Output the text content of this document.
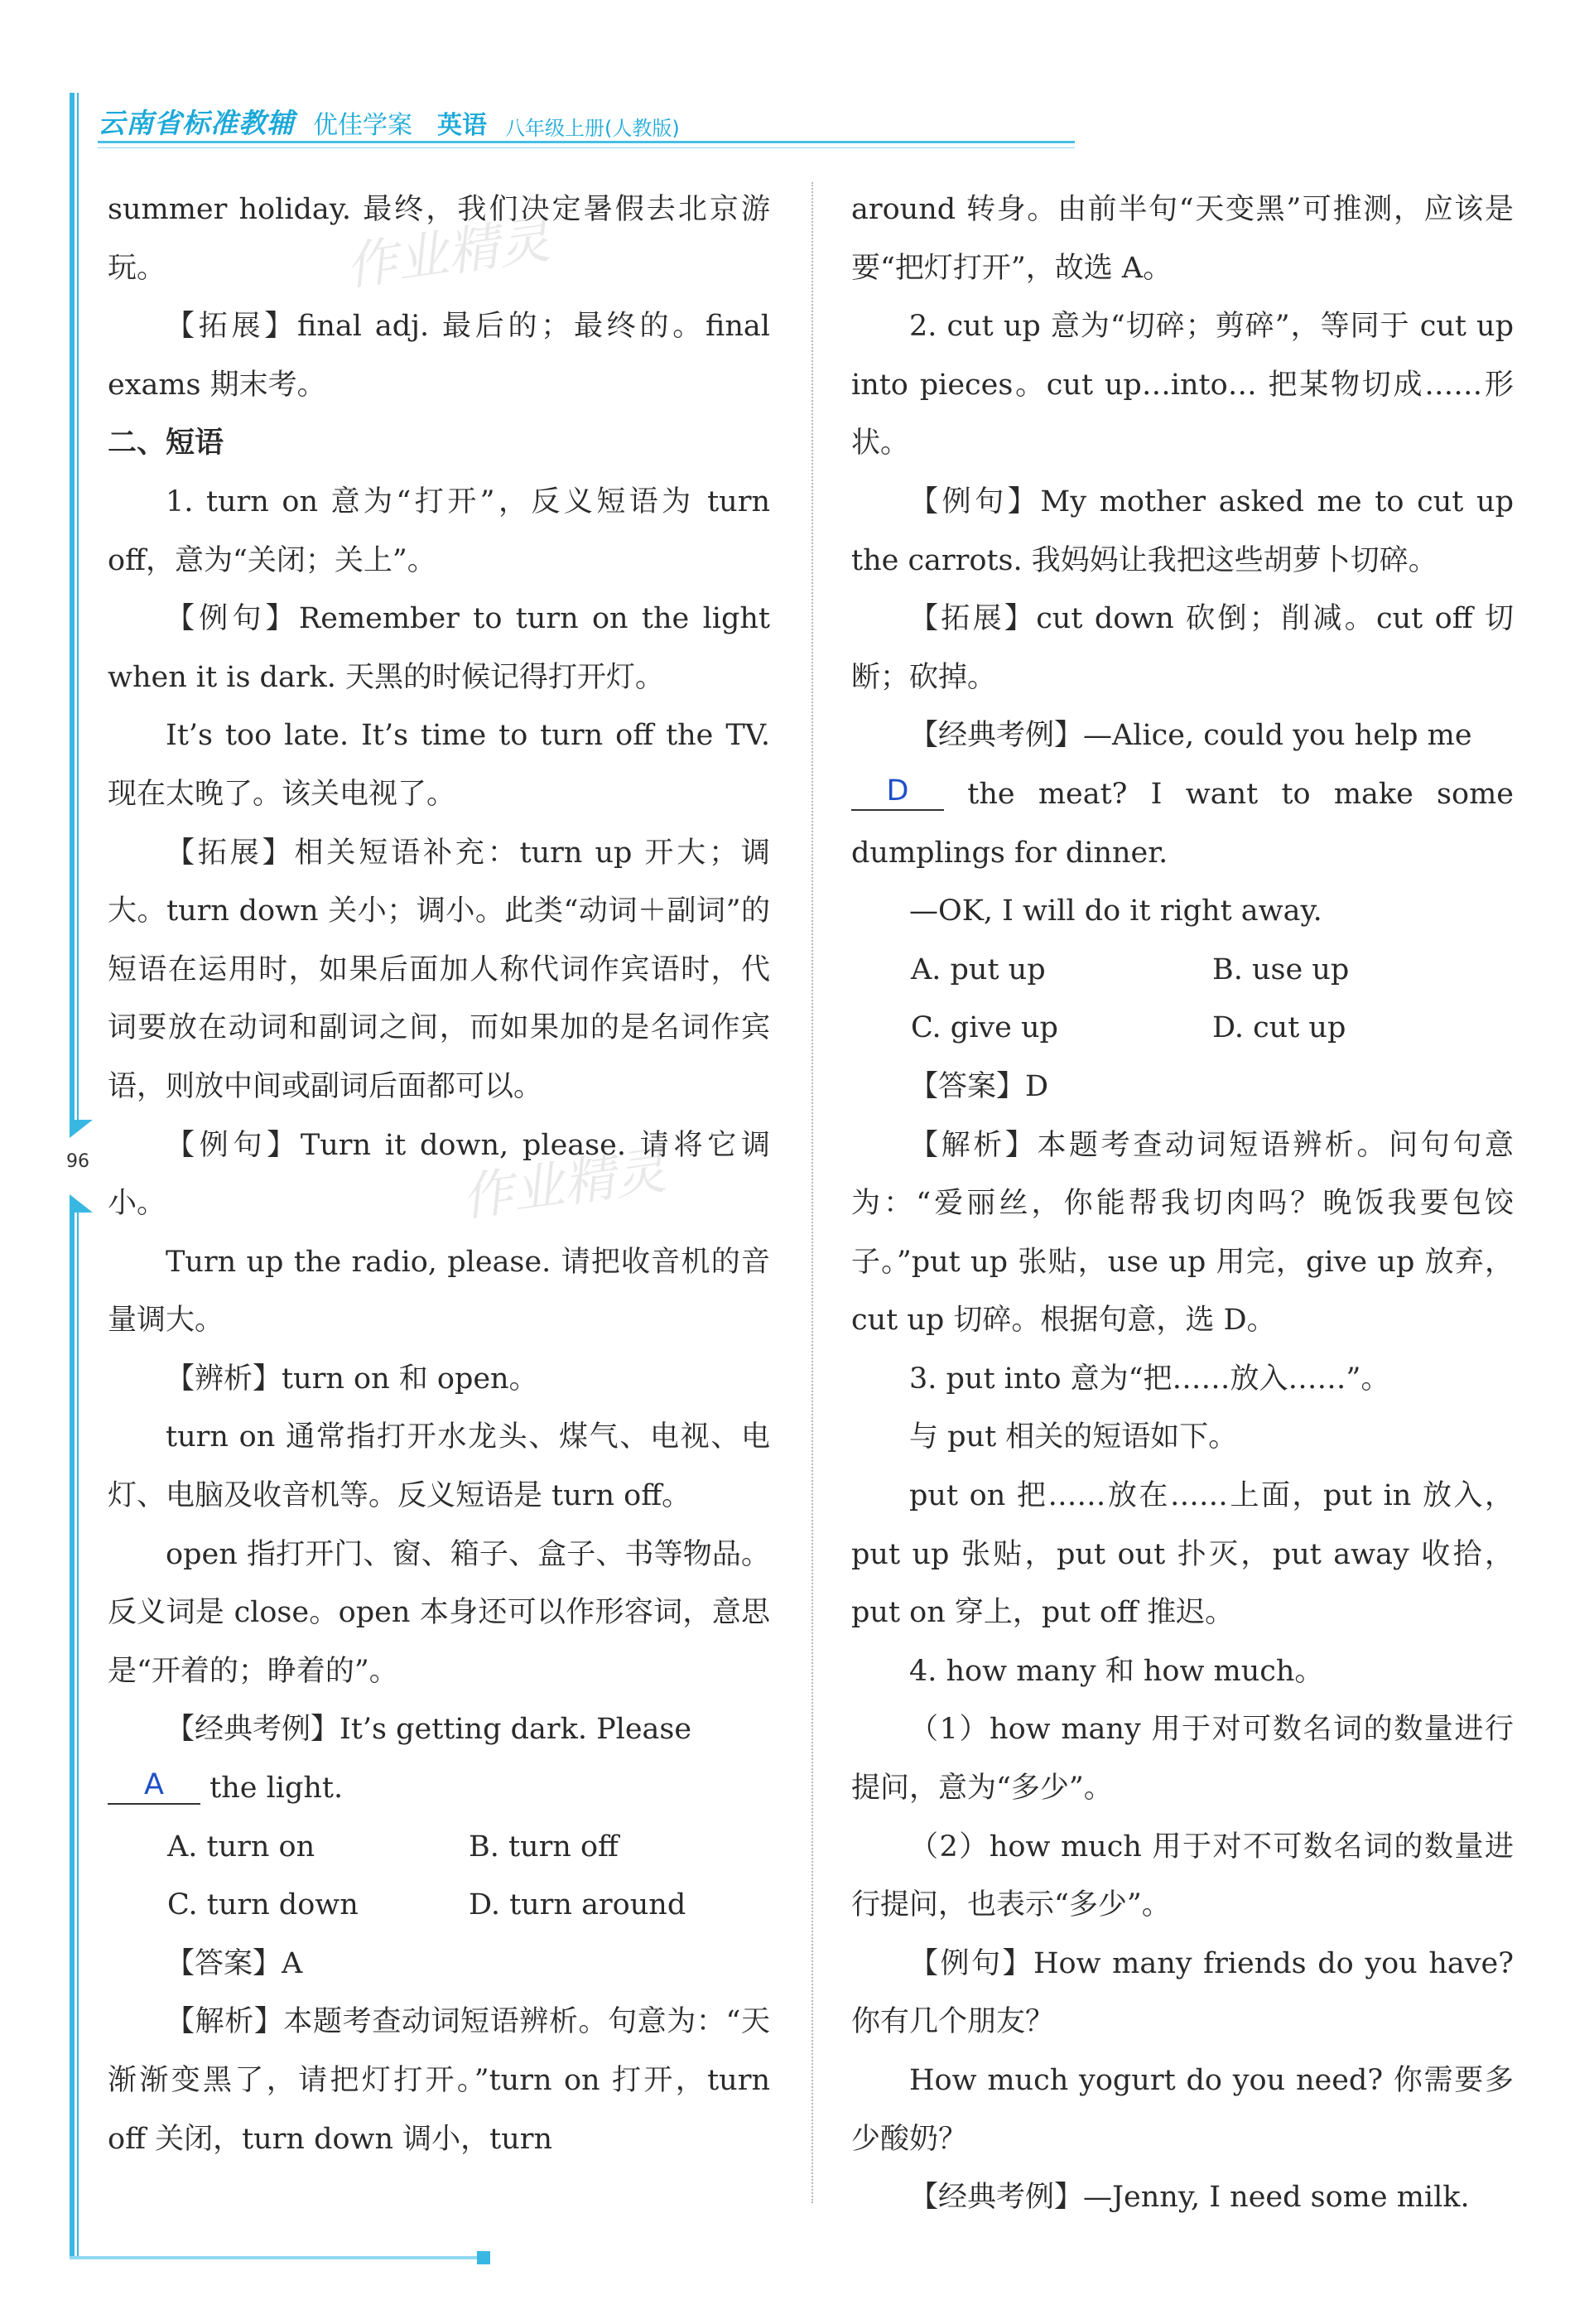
云南省标准教辅 优佳学案 英语 八年级上册(人教版)
96
作业精灵
作业精灵

summer holiday. 最终，我们决定暑假去北京游玩。

【拓展】final adj. 最后的；最终的。final exams 期末考。

二、短语

1. turn on 意为“打开”，反义短语为 turn off，意为“关闭；关上”。

【例句】Remember to turn on the light when it is dark. 天黑的时候记得打开灯。

It’s too late. It’s time to turn off the TV. 现在太晚了。该关电视了。

【拓展】相关短语补充：turn up 开大；调大。turn down 关小；调小。此类“动词＋副词”的短语在运用时，如果后面加人称代词作宾语时，代词要放在动词和副词之间，而如果加的是名词作宾语，则放中间或副词后面都可以。

【例句】Turn it down, please. 请将它调小。

Turn up the radio, please. 请把收音机的音量调大。

【辨析】turn on 和 open。

turn on 通常指打开水龙头、煤气、电视、电灯、电脑及收音机等。反义短语是 turn off。

open 指打开门、窗、箱子、盒子、书等物品。反义词是 close。open 本身还可以作形容词，意思是“开着的；睁着的”。

【经典考例】It’s getting dark. Please

A the light.

A. turn on	B. turn off

C. turn down	D. turn around

【答案】A

【解析】本题考查动词短语辨析。句意为：“天渐渐变黑了，请把灯打开。”turn on 打开，turn off 关闭，turn down 调小，turn

around 转身。由前半句“天变黑”可推测，应该是要“把灯打开”，故选 A。

2. cut up 意为“切碎；剪碎”，等同于 cut up into pieces。cut up…into… 把某物切成……形状。

【例句】My mother asked me to cut up the carrots. 我妈妈让我把这些胡萝卜切碎。

【拓展】cut down 砍倒；削减。cut off 切断；砍掉。

【经典考例】—Alice, could you help me

D the meat? I want to make some dumplings for dinner.

—OK, I will do it right away.

A. put up	B. use up

C. give up	D. cut up

【答案】D

【解析】本题考查动词短语辨析。问句句意为：“爱丽丝，你能帮我切肉吗？晚饭我要包饺子。”put up 张贴，use up 用完，give up 放弃，cut up 切碎。根据句意，选 D。

3. put into 意为“把……放入……”。

与 put 相关的短语如下。

put on 把……放在……上面，put in 放入，put up 张贴，put out 扑灭，put away 收拾，put on 穿上，put off 推迟。

4. how many 和 how much。

（1）how many 用于对可数名词的数量进行提问，意为“多少”。

（2）how much 用于对不可数名词的数量进行提问，也表示“多少”。

【例句】How many friends do you have? 你有几个朋友？

How much yogurt do you need? 你需要多少酸奶？

【经典考例】—Jenny, I need some milk.
